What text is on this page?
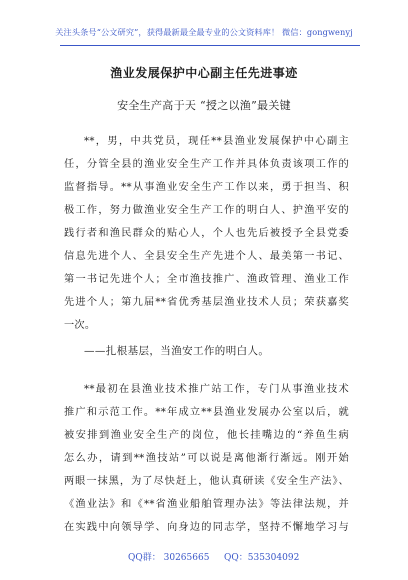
关注头条号“公文研究”，获得最新最全最专业的公文资料库！ 微信：gongwenyj
渔业发展保护中心副主任先进事迹
安全生产高于天 “授之以渔”最关键
**，男，中共党员，现任**县渔业发展保护中心副主
任，分管全县的渔业安全生产工作并具体负责该项工作的
监督指导。**从事渔业安全生产工作以来，勇于担当、积
极工作，努力做渔业安全生产工作的明白人、护渔平安的
践行者和渔民群众的贴心人，个人也先后被授予全县党委
信息先进个人、全县安全生产先进个人、最美第一书记、
第一书记先进个人；全市渔技推广、渔政管理、渔业工作
先进个人；第九届**省优秀基层渔业技术人员；荣获嘉奖
一次。
——扎根基层，当渔安工作的明白人。
**最初在县渔业技术推广站工作，专门从事渔业技术
推广和示范工作。**年成立**县渔业发展办公室以后，就
被安排到渔业安全生产的岗位，他长挂嘴边的“养鱼生病
怎么办，请到**渔技站”可以说是离他渐行渐远。刚开始
两眼一抹黑，为了尽快赶上，他认真研读《安全生产法》、
《渔业法》和《**省渔业船舶管理办法》等法律法规，并
在实践中向领导学、向身边的同志学，坚持不懈地学习与
QQ群： 30265665 QQ：535304092
